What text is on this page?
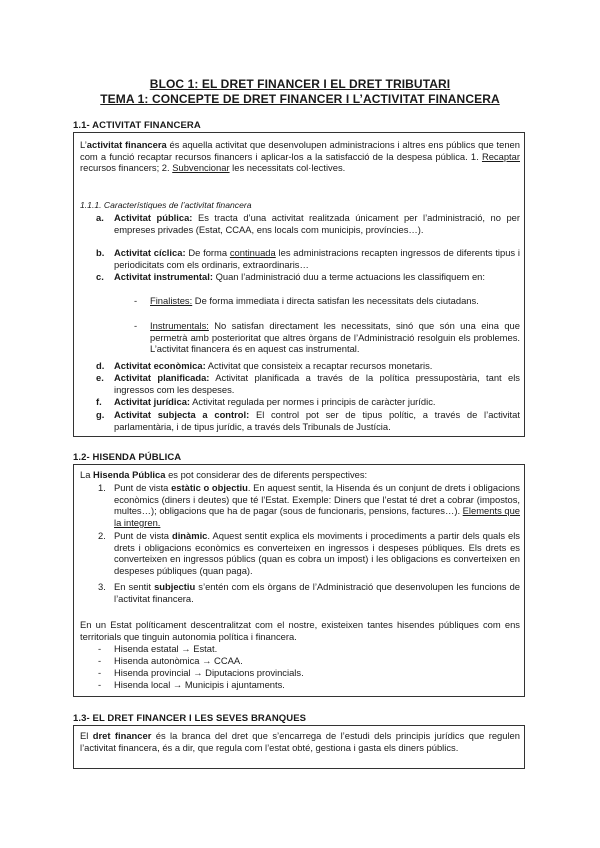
BLOC 1: EL DRET FINANCER I EL DRET TRIBUTARI
TEMA 1: CONCEPTE DE DRET FINANCER I L’ACTIVITAT FINANCERA
1.1- ACTIVITAT FINANCERA
L’activitat financera és aquella activitat que desenvolupen administracions i altres ens públics que tenen com a funció recaptar recursos financers i aplicar-los a la satisfacció de la despesa pública. 1. Recaptar recursos financers; 2. Subvencionar les necessitats col·lectives.
1.1.1. Característiques de l’activitat financera
a. Activitat pública: Es tracta d’una activitat realitzada únicament per l’administració, no per empreses privades (Estat, CCAA, ens locals com municipis, províncies…).
b. Activitat cíclica: De forma continuada les administracions recapten ingressos de diferents tipus i periodicitats com els ordinaris, extraordinaris…
c. Activitat instrumental: Quan l’administració duu a terme actuacions les classifiquem en:
- Finalistes: De forma immediata i directa satisfan les necessitats dels ciutadans.
- Instrumentals: No satisfan directament les necessitats, sinó que són una eina que permetrà amb posterioritat que altres òrgans de l’Administració resolguin els problemes. L’activitat financera és en aquest cas instrumental.
d. Activitat econòmica: Activitat que consisteix a recaptar recursos monetaris.
e. Activitat planificada: Activitat planificada a través de la política pressupostària, tant els ingressos com les despeses.
f. Activitat jurídica: Activitat regulada per normes i principis de caràcter jurídic.
g. Activitat subjecta a control: El control pot ser de tipus polític, a través de l’activitat parlamentària, i de tipus jurídic, a través dels Tribunals de Justícia.
1.2- HISENDA PÚBLICA
La Hisenda Pública es pot considerar des de diferents perspectives:
1. Punt de vista estàtic o objectiu. En aquest sentit, la Hisenda és un conjunt de drets i obligacions econòmics (diners i deutes) que té l’Estat. Exemple: Diners que l’estat té dret a cobrar (impostos, multes…); obligacions que ha de pagar (sous de funcionaris, pensions, factures…). Elements que la integren.
2. Punt de vista dinàmic. Aquest sentit explica els moviments i procediments a partir dels quals els drets i obligacions econòmics es converteixen en ingressos i despeses públiques. Els drets es converteixen en ingressos públics (quan es cobra un impost) i les obligacions es converteixen en despeses públiques (quan paga).
3. En sentit subjectiu s’entén com els òrgans de l’Administració que desenvolupen les funcions de l’activitat financera.
En un Estat políticament descentralitzat com el nostre, existeixen tantes hisendes públiques com ens territorials que tinguin autonomia política i financera.
- Hisenda estatal → Estat.
- Hisenda autonòmica → CCAA.
- Hisenda provincial → Diputacions provincials.
- Hisenda local → Municipis i ajuntaments.
1.3- EL DRET FINANCER I LES SEVES BRANQUES
El dret financer és la branca del dret que s’encarrega de l’estudi dels principis jurídics que regulen l’activitat financera, és a dir, que regula com l’estat obté, gestiona i gasta els diners públics.
